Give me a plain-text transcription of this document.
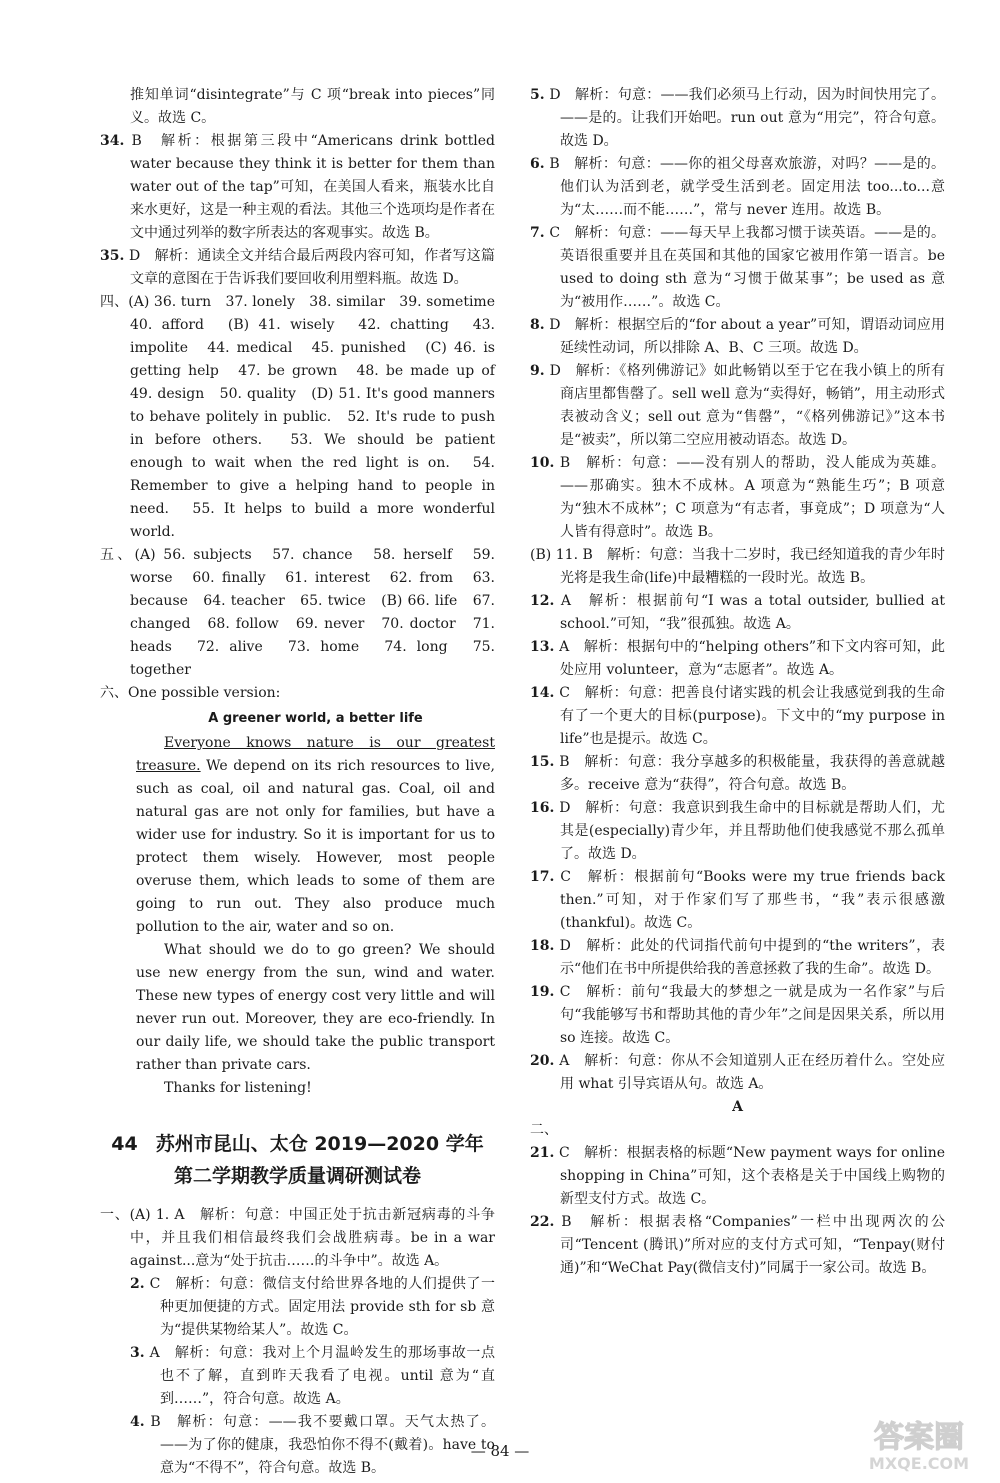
推知单词“disintegrate”与 C 项“break into pieces”同义。故选 C。

34. B　解析：根据第三段中“Americans drink bottled water because they think it is better for them than water out of the tap”可知，在美国人看来，瓶装水比自来水更好，这是一种主观的看法。其他三个选项均是作者在文中通过列举的数字所表达的客观事实。故选 B。

35. D　解析：通读全文并结合最后两段内容可知，作者写这篇文章的意图在于告诉我们要回收利用塑料瓶。故选 D。

四、(A) 36. turn　37. lonely　38. similar　39. sometime　40. afford　(B) 41. wisely　42. chatting　43. impolite　44. medical　45. punished　(C) 46. is getting help　47. be grown　48. be made up of　49. design　50. quality　(D) 51. It's good manners to behave politely in public.　52. It's rude to push in before others.　53. We should be patient enough to wait when the red light is on.　54. Remember to give a helping hand to people in need.　55. It helps to build a more wonderful world.

五、(A) 56. subjects　57. chance　58. herself　59. worse　60. finally　61. interest　62. from　63. because　64. teacher　65. twice　(B) 66. life　67. changed　68. follow　69. never　70. doctor　71. heads　72. alive　73. home　74. long　75. together

六、One possible version:

A greener world, a better life

Everyone knows nature is our greatest treasure. We depend on its rich resources to live, such as coal, oil and natural gas. Coal, oil and natural gas are not only for families, but have a wider use for industry. So it is important for us to protect them wisely. However, most people overuse them, which leads to some of them are going to run out. They also produce much pollution to the air, water and so on.

What should we do to go green? We should use new energy from the sun, wind and water. These new types of energy cost very little and will never run out. Moreover, they are eco-friendly. In our daily life, we should take the public transport rather than private cars.

Thanks for listening!

44 苏州市昆山、太仓 2019—2020 学年
第二学期教学质量调研测试卷

一、(A) 1. A　解析：句意：中国正处于抗击新冠病毒的斗争中，并且我们相信最终我们会战胜病毒。be in a war against...意为“处于抗击……的斗争中”。故选 A。

2. C　解析：句意：微信支付给世界各地的人们提供了一种更加便捷的方式。固定用法 provide sth for sb 意为“提供某物给某人”。故选 C。

3. A　解析：句意：我对上个月温岭发生的那场事故一点也不了解，直到昨天我看了电视。until 意为“直到……”，符合句意。故选 A。

4. B　解析：句意：——我不要戴口罩。天气太热了。——为了你的健康，我恐怕你不得不(戴着)。have to 意为“不得不”，符合句意。故选 B。

5. D　解析：句意：——我们必须马上行动，因为时间快用完了。——是的。让我们开始吧。run out 意为“用完”，符合句意。故选 D。

6. B　解析：句意：——你的祖父母喜欢旅游，对吗？——是的。他们认为活到老，就学受生活到老。固定用法 too...to...意为“太……而不能……”，常与 never 连用。故选 B。

7. C　解析：句意：——每天早上我都习惯于读英语。——是的。英语很重要并且在英国和其他的国家它被用作第一语言。be used to doing sth 意为“习惯于做某事”；be used as 意为“被用作……”。故选 C。

8. D　解析：根据空后的“for about a year”可知，谓语动词应用延续性动词，所以排除 A、B、C 三项。故选 D。

9. D　解析：《格列佛游记》如此畅销以至于它在我小镇上的所有商店里都售罄了。sell well 意为“卖得好，畅销”，用主动形式表被动含义；sell out 意为“售罄”，“《格列佛游记》”这本书是“被卖”，所以第二空应用被动语态。故选 D。

10. B　解析：句意：——没有别人的帮助，没人能成为英雄。——那确实。独木不成林。A 项意为“熟能生巧”；B 项意为“独木不成林”；C 项意为“有志者，事竟成”；D 项意为“人人皆有得意时”。故选 B。

(B) 11. B　解析：句意：当我十二岁时，我已经知道我的青少年时光将是我生命(life)中最糟糕的一段时光。故选 B。

12. A　解析：根据前句“I was a total outsider, bullied at school.”可知，“我”很孤独。故选 A。

13. A　解析：根据句中的“helping others”和下文内容可知，此处应用 volunteer，意为“志愿者”。故选 A。

14. C　解析：句意：把善良付诸实践的机会让我感觉到我的生命有了一个更大的目标(purpose)。下文中的“my purpose in life”也是提示。故选 C。

15. B　解析：句意：我分享越多的积极能量，我获得的善意就越多。receive 意为“获得”，符合句意。故选 B。

16. D　解析：句意：我意识到我生命中的目标就是帮助人们，尤其是(especially)青少年，并且帮助他们使我感觉不那么孤单了。故选 D。

17. C　解析：根据前句“Books were my true friends back then.”可知，对于作家们写了那些书，“我”表示很感激(thankful)。故选 C。

18. D　解析：此处的代词指代前句中提到的“the writers”，表示“他们在书中所提供给我的善意拯救了我的生命”。故选 D。

19. C　解析：前句“我最大的梦想之一就是成为一名作家”与后句“我能够写书和帮助其他的青少年”之间是因果关系，所以用 so 连接。故选 C。

20. A　解析：句意：你从不会知道别人正在经历着什么。空处应用 what 引导宾语从句。故选 A。

A

二、

21. C　解析：根据表格的标题“New payment ways for online shopping in China”可知，这个表格是关于中国线上购物的新型支付方式。故选 C。

22. B　解析：根据表格“Companies”一栏中出现两次的公司“Tencent (腾讯)”所对应的支付方式可知，“Tenpay(财付通)”和“WeChat Pay(微信支付)”同属于一家公司。故选 B。

— 84 —	答案圈
MXQE.COM
